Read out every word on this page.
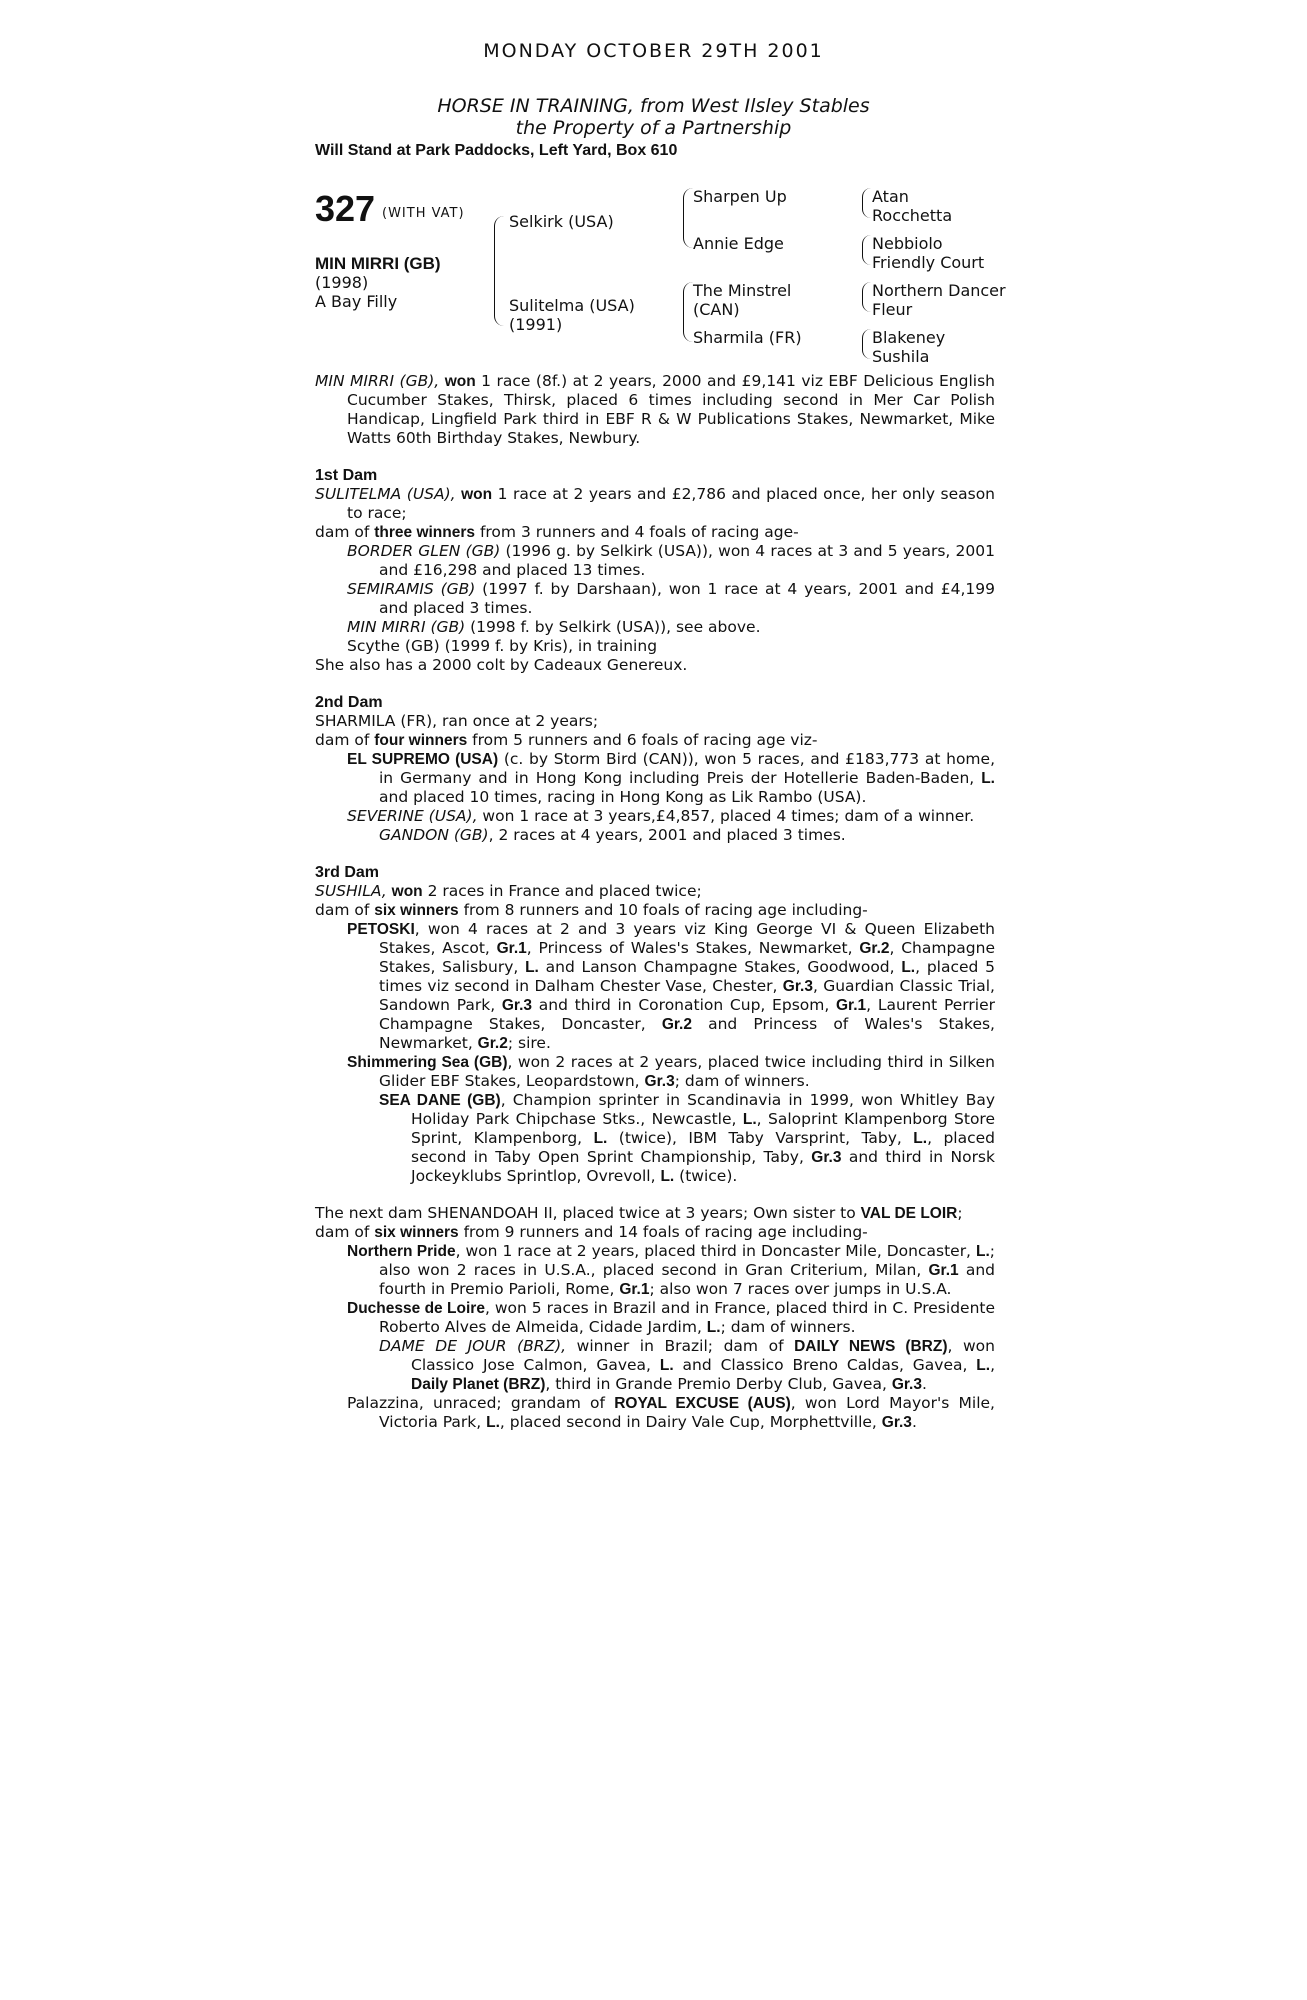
MONDAY OCTOBER 29TH 2001
HORSE IN TRAINING, from West Ilsley Stables
the Property of a Partnership
Will Stand at Park Paddocks, Left Yard, Box 610
327 (WITH VAT)
MIN MIRRI (GB)
(1998)
A Bay Filly
Selkirk (USA)
Sulitelma (USA)
(1991)
Sharpen Up
Annie Edge
The Minstrel
(CAN)
Sharmila (FR)
Atan
Rocchetta
Nebbiolo
Friendly Court
Northern Dancer
Fleur
Blakeney
Sushila

MIN MIRRI (GB), won 1 race (8f.) at 2 years, 2000 and £9,141 viz EBF Delicious English Cucumber Stakes, Thirsk, placed 6 times including second in Mer Car Polish Handicap, Lingfield Park third in EBF R & W Publications Stakes, Newmarket, Mike Watts 60th Birthday Stakes, Newbury.

1st Dam

SULITELMA (USA), won 1 race at 2 years and £2,786 and placed once, her only season to race;

dam of three winners from 3 runners and 4 foals of racing age-

BORDER GLEN (GB) (1996 g. by Selkirk (USA)), won 4 races at 3 and 5 years, 2001 and £16,298 and placed 13 times.

SEMIRAMIS (GB) (1997 f. by Darshaan), won 1 race at 4 years, 2001 and £4,199 and placed 3 times.

MIN MIRRI (GB) (1998 f. by Selkirk (USA)), see above.

Scythe (GB) (1999 f. by Kris), in training

She also has a 2000 colt by Cadeaux Genereux.

2nd Dam

SHARMILA (FR), ran once at 2 years;

dam of four winners from 5 runners and 6 foals of racing age viz-

EL SUPREMO (USA) (c. by Storm Bird (CAN)), won 5 races, and £183,773 at home, in Germany and in Hong Kong including Preis der Hotellerie Baden-Baden, L. and placed 10 times, racing in Hong Kong as Lik Rambo (USA).

SEVERINE (USA), won 1 race at 3 years,£4,857, placed 4 times; dam of a winner.

GANDON (GB), 2 races at 4 years, 2001 and placed 3 times.

3rd Dam

SUSHILA, won 2 races in France and placed twice;

dam of six winners from 8 runners and 10 foals of racing age including-

PETOSKI, won 4 races at 2 and 3 years viz King George VI & Queen Elizabeth Stakes, Ascot, Gr.1, Princess of Wales's Stakes, Newmarket, Gr.2, Champagne Stakes, Salisbury, L. and Lanson Champagne Stakes, Goodwood, L., placed 5 times viz second in Dalham Chester Vase, Chester, Gr.3, Guardian Classic Trial, Sandown Park, Gr.3 and third in Coronation Cup, Epsom, Gr.1, Laurent Perrier Champagne Stakes, Doncaster, Gr.2 and Princess of Wales's Stakes, Newmarket, Gr.2; sire.

Shimmering Sea (GB), won 2 races at 2 years, placed twice including third in Silken Glider EBF Stakes, Leopardstown, Gr.3; dam of winners.

SEA DANE (GB), Champion sprinter in Scandinavia in 1999, won Whitley Bay Holiday Park Chipchase Stks., Newcastle, L., Saloprint Klampenborg Store Sprint, Klampenborg, L. (twice), IBM Taby Varsprint, Taby, L., placed second in Taby Open Sprint Championship, Taby, Gr.3 and third in Norsk Jockeyklubs Sprintlop, Ovrevoll, L. (twice).

The next dam SHENANDOAH II, placed twice at 3 years; Own sister to VAL DE LOIR;

dam of six winners from 9 runners and 14 foals of racing age including-

Northern Pride, won 1 race at 2 years, placed third in Doncaster Mile, Doncaster, L.; also won 2 races in U.S.A., placed second in Gran Criterium, Milan, Gr.1 and fourth in Premio Parioli, Rome, Gr.1; also won 7 races over jumps in U.S.A.

Duchesse de Loire, won 5 races in Brazil and in France, placed third in C. Presidente Roberto Alves de Almeida, Cidade Jardim, L.; dam of winners.

DAME DE JOUR (BRZ), winner in Brazil; dam of DAILY NEWS (BRZ), won Classico Jose Calmon, Gavea, L. and Classico Breno Caldas, Gavea, L., Daily Planet (BRZ), third in Grande Premio Derby Club, Gavea, Gr.3.

Palazzina, unraced; grandam of ROYAL EXCUSE (AUS), won Lord Mayor's Mile, Victoria Park, L., placed second in Dairy Vale Cup, Morphettville, Gr.3.
